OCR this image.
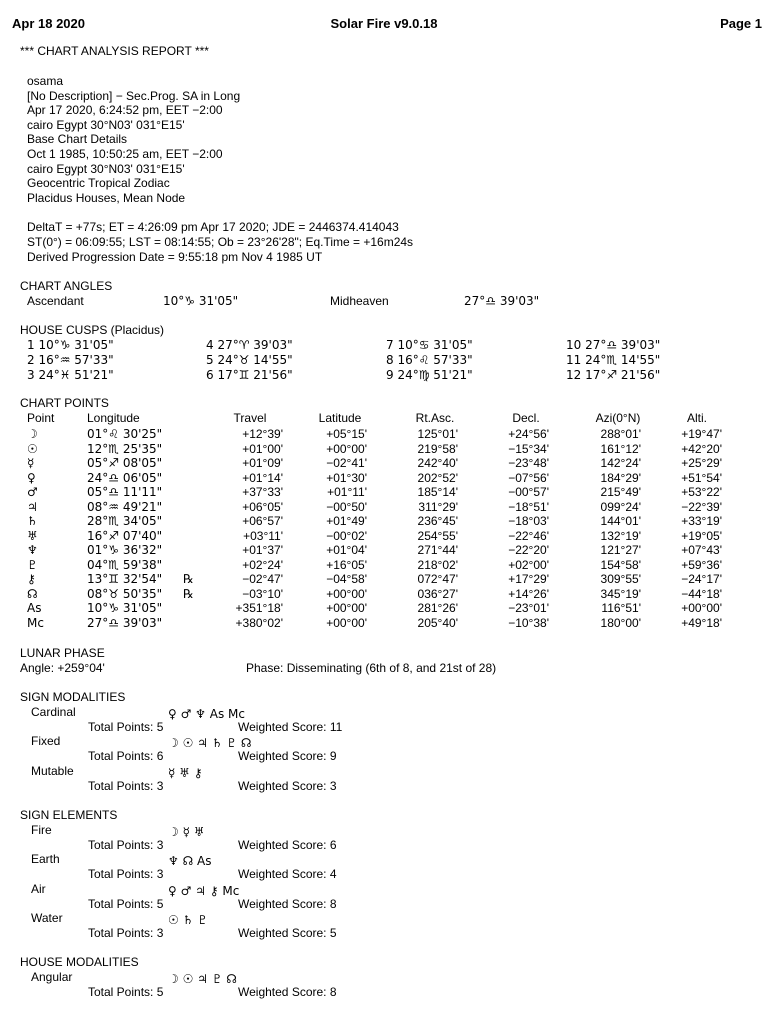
Apr 18 2020	Solar Fire v9.0.18	Page 1
*** CHART ANALYSIS REPORT ***
osama
[No Description] − Sec.Prog. SA in Long
Apr 17 2020, 6:24:52 pm, EET −2:00
cairo Egypt 30°N03' 031°E15'
Base Chart Details
Oct 1 1985, 10:50:25 am, EET −2:00
cairo Egypt 30°N03' 031°E15'
Geocentric Tropical Zodiac
Placidus Houses, Mean Node
DeltaT = +77s; ET = 4:26:09 pm Apr 17 2020; JDE = 2446374.414043
ST(0°) = 06:09:55; LST = 08:14:55; Ob = 23°26'28"; Eq.Time = +16m24s
Derived Progression Date = 9:55:18 pm Nov 4 1985 UT
CHART ANGLES
Ascendant	10°♑ 31'05"	Midheaven	27°♎ 39'03"
HOUSE CUSPS (Placidus)
1 10°♑ 31'05"	4 27°♈ 39'03"	7 10°♋ 31'05"	10 27°♎ 39'03"
2 16°♒ 57'33"	5 24°♉ 14'55"	8 16°♌ 57'33"	11 24°♏ 14'55"
3 24°♓ 51'21"	6 17°♊ 21'56"	9 24°♍ 51'21"	12 17°♐ 21'56"
CHART POINTS
Point	Longitude	Travel	Latitude	Rt.Asc.	Decl.	Azi(0°N)	Alti.
☽	01°♌ 30'25"	+12°39'	+05°15'	125°01'	+24°56'	288°01'	+19°47'
☉	12°♏ 25'35"	+01°00'	+00°00'	219°58'	−15°34'	161°12'	+42°20'
☿	05°♐ 08'05"	+01°09'	−02°41'	242°40'	−23°48'	142°24'	+25°29'
♀	24°♎ 06'05"	+01°14'	+01°30'	202°52'	−07°56'	184°29'	+51°54'
♂	05°♎ 11'11"	+37°33'	+01°11'	185°14'	−00°57'	215°49'	+53°22'
♃	08°♒ 49'21"	+06°05'	−00°50'	311°29'	−18°51'	099°24'	−22°39'
♄	28°♏ 34'05"	+06°57'	+01°49'	236°45'	−18°03'	144°01'	+33°19'
♅	16°♐ 07'40"	+03°11'	−00°02'	254°55'	−22°46'	132°19'	+19°05'
♆	01°♑ 36'32"	+01°37'	+01°04'	271°44'	−22°20'	121°27'	+07°43'
♇	04°♏ 59'38"	+02°24'	+16°05'	218°02'	+02°00'	154°58'	+59°36'
⚷	13°♊ 32'54" ℞	−02°47'	−04°58'	072°47'	+17°29'	309°55'	−24°17'
☊	08°♉ 50'35" ℞	−03°10'	+00°00'	036°27'	+14°26'	345°19'	−44°18'
As	10°♑ 31'05"	+351°18'	+00°00'	281°26'	−23°01'	116°51'	+00°00'
Mc	27°♎ 39'03"	+380°02'	+00°00'	205°40'	−10°38'	180°00'	+49°18'
LUNAR PHASE
Angle: +259°04'	Phase: Disseminating (6th of 8, and 21st of 28)
SIGN MODALITIES
Cardinal	♀ ♂ ♆ As Mc
Total Points: 5	Weighted Score: 11
Fixed	☽ ☉ ♃ ♄ ♇ ☊
Total Points: 6	Weighted Score: 9
Mutable	☿ ♅ ⚷
Total Points: 3	Weighted Score: 3
SIGN ELEMENTS
Fire	☽ ☿ ♅
Total Points: 3	Weighted Score: 6
Earth	♆ ☊ As
Total Points: 3	Weighted Score: 4
Air	♀ ♂ ♃ ⚷ Mc
Total Points: 5	Weighted Score: 8
Water	☉ ♄ ♇
Total Points: 3	Weighted Score: 5
HOUSE MODALITIES
Angular	☽ ☉ ♃ ♇ ☊
Total Points: 5	Weighted Score: 8
